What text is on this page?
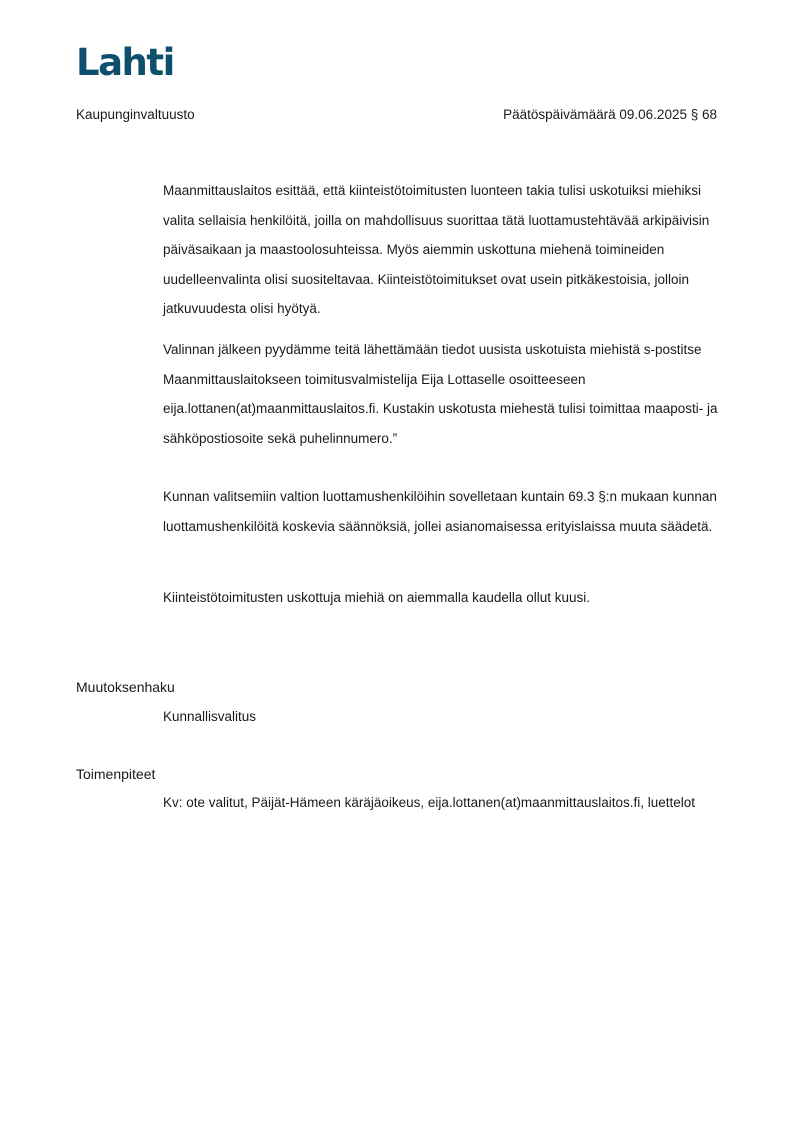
Lahti
Kaupunginvaltuusto	Päätöspäivämäärä 09.06.2025 § 68
Maanmittauslaitos esittää, että kiinteistötoimitusten luonteen takia tulisi uskotuiksi miehiksi valita sellaisia henkilöitä, joilla on mahdollisuus suorittaa tätä luottamustehtävää arkipäivisin päiväsaikaan ja maastoolosuhteissa. Myös aiemmin uskottuna miehenä toimineiden uudelleenvalinta olisi suositeltavaa. Kiinteistötoimitukset ovat usein pitkäkestoisia, jolloin jatkuvuudesta olisi hyötyä.
Valinnan jälkeen pyydämme teitä lähettämään tiedot uusista uskotuista miehistä s-postitse Maanmittauslaitokseen toimitusvalmistelija Eija Lottaselle osoitteeseen eija.lottanen(at)maanmittauslaitos.fi. Kustakin uskotusta miehestä tulisi toimittaa maaposti- ja sähköpostiosoite sekä puhelinnumero.”
Kunnan valitsemiin valtion luottamushenkilöihin sovelletaan kuntain 69.3 §:n mukaan kunnan luottamushenkilöitä koskevia säännöksiä, jollei asianomaisessa erityislaissa muuta säädetä.
Kiinteistötoimitusten uskottuja miehiä on aiemmalla kaudella ollut kuusi.
Muutoksenhaku
Kunnallisvalitus
Toimenpiteet
Kv: ote valitut, Päijät-Hämeen käräjäoikeus, eija.lottanen(at)maanmittauslaitos.fi, luettelot
